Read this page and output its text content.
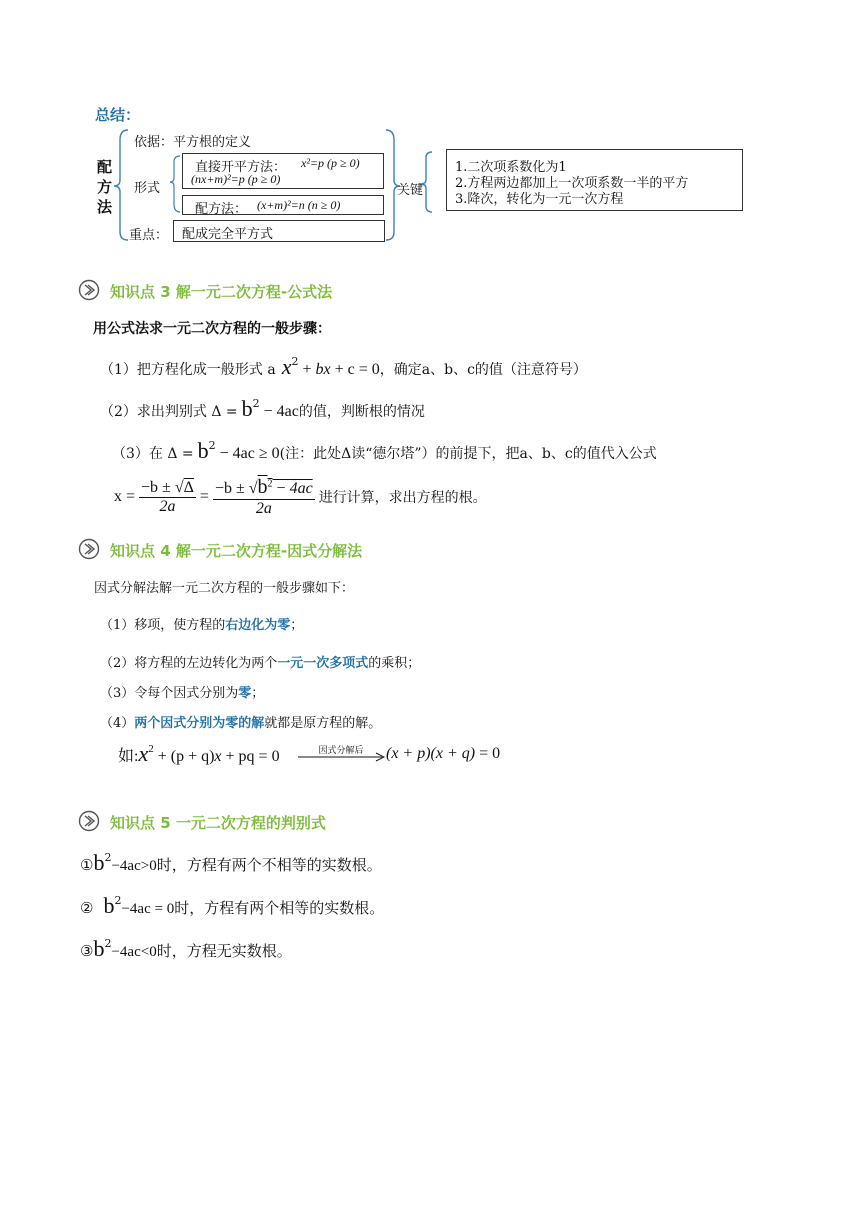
总结：
配
方
法
依据：平方根的定义
形式
直接开平方法： x²=p (p ≥ 0)
(nx+m)²=p (p ≥ 0)
配方法： (x+m)²=n (n ≥ 0)
重点： 配成完全平方式
关键
1.二次项系数化为1
2.方程两边都加上一次项系数一半的平方
3.降次，转化为一元一次方程
知识点 3 解一元二次方程-公式法
用公式法求一元二次方程的一般步骤：
（1）把方程化成一般形式 a $x^2$ + bx + c = 0，确定a、b、c的值（注意符号）
（2）求出判别式 $\Delta = b^2 - 4ac$的值，判断根的情况
（3）在 $\Delta = b^2 - 4ac \ge 0$(注：此处Δ读“德尔塔”）的前提下，把a、b、c的值代入公式
$x = \frac{-b \pm √\Delta}{2a} = \frac{-b \pm √b^2 - 4ac}{2a}$ 进行计算，求出方程的根。
知识点 4 解一元二次方程-因式分解法
因式分解法解一元二次方程的一般步骤如下：
（1）移项，使方程的右边化为零；
（2）将方程的左边转化为两个一元一次多项式的乘积；
（3）令每个因式分别为零；
（4）两个因式分别为零的解就都是原方程的解。
如$:x^2 + (p + q)x$ + pq = 0	因式分解后	(x + p)(x + q) = 0
知识点 5 一元二次方程的判别式
$①b^2-4ac>0$时，方程有两个不相等的实数根。
② $b^2-4ac = 0$时，方程有两个相等的实数根。
$③b^2-4ac<0$时，方程无实数根。
